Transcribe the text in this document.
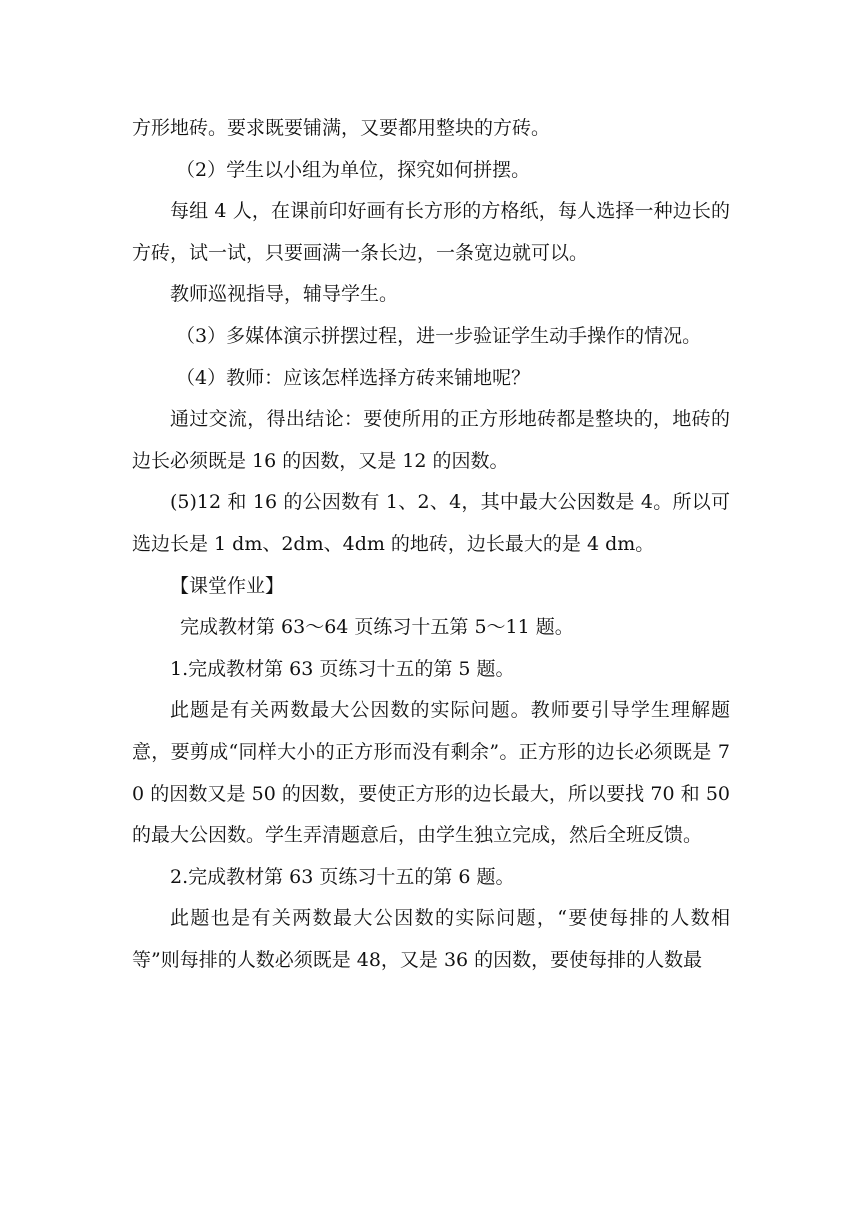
方形地砖。要求既要铺满，又要都用整块的方砖。

（2）学生以小组为单位，探究如何拼摆。

每组 4 人，在课前印好画有长方形的方格纸，每人选择一种边长的方砖，试一试，只要画满一条长边，一条宽边就可以。

教师巡视指导，辅导学生。

（3）多媒体演示拼摆过程，进一步验证学生动手操作的情况。

（4）教师：应该怎样选择方砖来铺地呢？

通过交流，得出结论：要使所用的正方形地砖都是整块的，地砖的边长必须既是 16 的因数，又是 12 的因数。

(5)12 和 16 的公因数有 1、2、4，其中最大公因数是 4。所以可选边长是 1 dm、2dm、4dm 的地砖，边长最大的是 4 dm。

【课堂作业】

完成教材第 63～64 页练习十五第 5～11 题。

1.完成教材第 63 页练习十五的第 5 题。

此题是有关两数最大公因数的实际问题。教师要引导学生理解题意，要剪成“同样大小的正方形而没有剩余”。正方形的边长必须既是 70 的因数又是 50 的因数，要使正方形的边长最大，所以要找 70 和 50 的最大公因数。学生弄清题意后，由学生独立完成，然后全班反馈。

2.完成教材第 63 页练习十五的第 6 题。

此题也是有关两数最大公因数的实际问题，“要使每排的人数相等”则每排的人数必须既是 48，又是 36 的因数，要使每排的人数最
